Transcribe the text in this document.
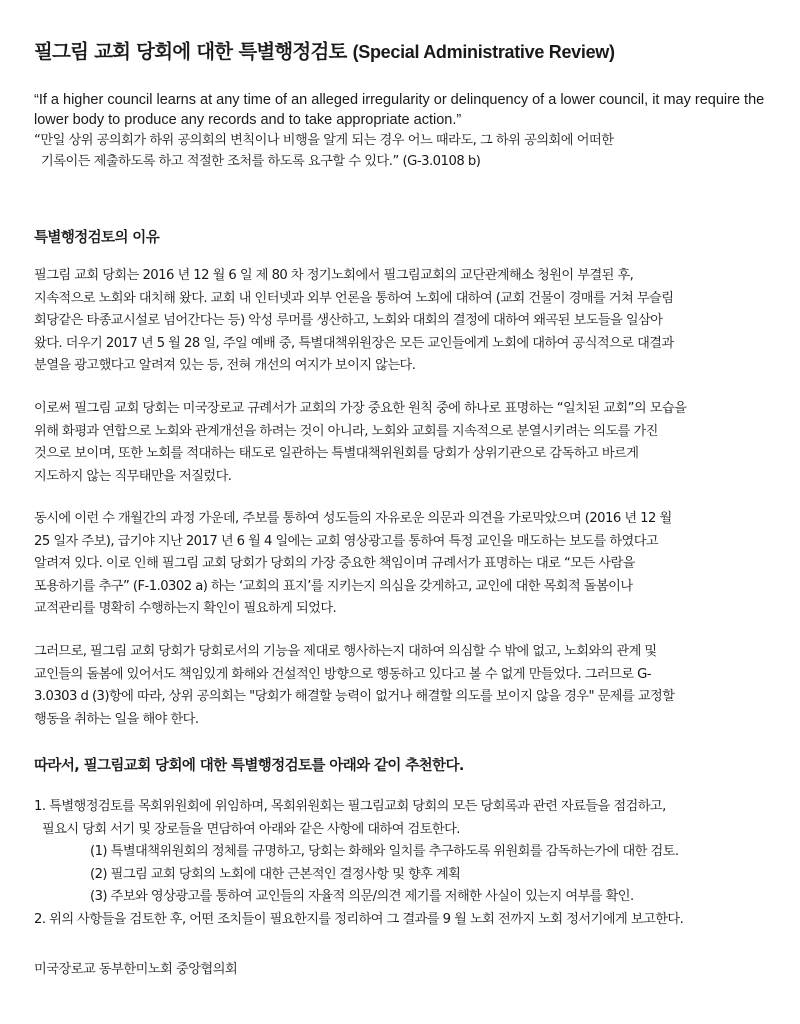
필그림 교회 당회에 대한 특별행정검토 (Special Administrative Review)
“If a higher council learns at any time of an alleged irregularity or delinquency of a lower council, it may require the lower body to produce any records and to take appropriate action.”
“만일 상위 공의회가 하위 공의회의 변칙이나 비행을 알게 되는 경우 어느 때라도, 그 하위 공의회에 어떠한
기록이든 제출하도록 하고 적절한 조처를 하도록 요구할 수 있다.” (G-3.0108 b)
특별행정검토의 이유
필그림 교회 당회는 2016 년 12 월 6 일 제 80 차 정기노회에서 필그림교회의 교단관계해소 청원이 부결된 후,
지속적으로 노회와 대치해 왔다. 교회 내 인터넷과 외부 언론을 통하여 노회에 대하여 (교회 건물이 경매를 거쳐 무슬림
회당같은 타종교시설로 넘어간다는 등) 악성 루머를 생산하고, 노회와 대회의 결정에 대하여 왜곡된 보도들을 일삼아
왔다. 더우기 2017 년 5 월 28 일, 주일 예배 중, 특별대책위원장은 모든 교인들에게 노회에 대하여 공식적으로 대결과
분열을 광고했다고 알려져 있는 등, 전혀 개선의 여지가 보이지 않는다.
이로써 필그림 교회 당회는 미국장로교 규례서가 교회의 가장 중요한 원칙 중에 하나로 표명하는 “일치된 교회”의 모습을
위해 화평과 연합으로 노회와 관계개선을 하려는 것이 아니라, 노회와 교회를 지속적으로 분열시키려는 의도를 가진
것으로 보이며, 또한 노회를 적대하는 태도로 일관하는 특별대책위원회를 당회가 상위기관으로 감독하고 바르게
지도하지 않는 직무태만을 저질렀다.
동시에 이런 수 개월간의 과정 가운데, 주보를 통하여 성도들의 자유로운 의문과 의견을 가로막았으며 (2016 년 12 월
25 일자 주보), 급기야 지난 2017 년 6 월 4 일에는 교회 영상광고를 통하여 특정 교인을 매도하는 보도를 하였다고
알려져 있다. 이로 인해 필그림 교회 당회가 당회의 가장 중요한 책임이며 규례서가 표명하는 대로 “모든 사람을
포용하기를 추구” (F-1.0302 a) 하는 ‘교회의 표지’를 지키는지 의심을 갖게하고, 교인에 대한 목회적 돌봄이나
교적관리를 명확히 수행하는지 확인이 필요하게 되었다.
그러므로, 필그림 교회 당회가 당회로서의 기능을 제대로 행사하는지 대하여 의심할 수 밖에 없고, 노회와의 관계 및
교인들의 돌봄에 있어서도 책임있게 화해와 건설적인 방향으로 행동하고 있다고 볼 수 없게 만들었다. 그러므로 G-
3.0303 d (3)항에 따라, 상위 공의회는 "당회가 해결할 능력이 없거나 해결할 의도를 보이지 않을 경우" 문제를 교정할
행동을 취하는 일을 해야 한다.
따라서, 필그림교회 당회에 대한 특별행정검토를 아래와 같이 추천한다.
1. 특별행정검토를 목회위원회에 위임하며, 목회위원회는 필그림교회 당회의 모든 당회록과 관련 자료들을 점검하고,
필요시 당회 서기 및 장로들을 면담하여 아래와 같은 사항에 대하여 검토한다.
(1) 특별대책위원회의 정체를 규명하고, 당회는 화해와 일치를 추구하도록 위원회를 감독하는가에 대한 검토.
(2) 필그림 교회 당회의 노회에 대한 근본적인 결정사항 및 향후 계획
(3) 주보와 영상광고를 통하여 교인들의 자율적 의문/의견 제기를 저해한 사실이 있는지 여부를 확인.
2. 위의 사항들을 검토한 후, 어떤 조치들이 필요한지를 정리하여 그 결과를 9 월 노회 전까지 노회 정서기에게 보고한다.
미국장로교 동부한미노회 중앙협의회
